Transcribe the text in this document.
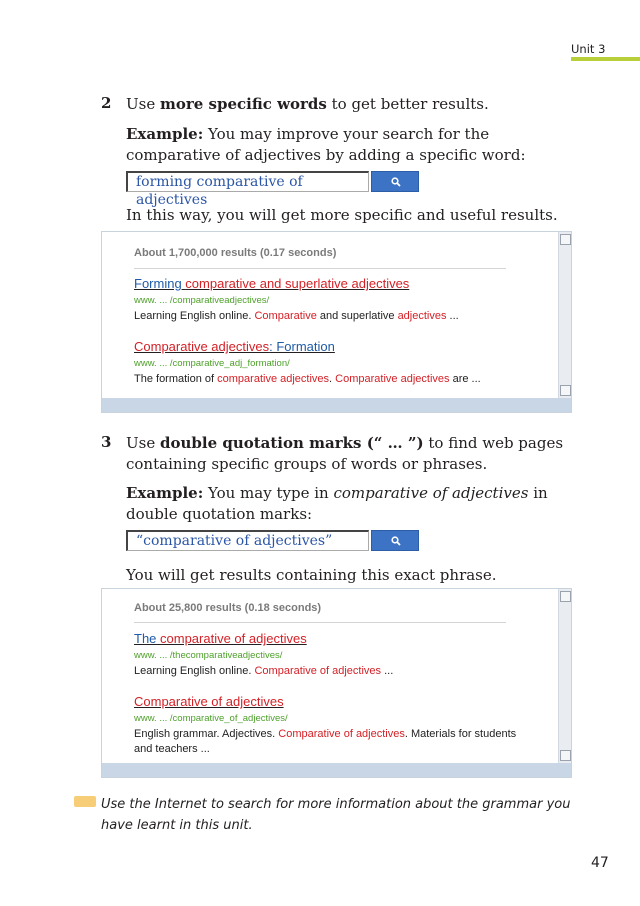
Unit 3
2 Use more specific words to get better results.
Example: You may improve your search for the comparative of adjectives by adding a specific word:
forming comparative of adjectives
In this way, you will get more specific and useful results.
About 1,700,000 results (0.17 seconds)
Forming comparative and superlative adjectives
www. ... /comparativeadjectives/
Learning English online. Comparative and superlative adjectives ...
Comparative adjectives: Formation
www. ... /comparative_adj_formation/
The formation of comparative adjectives. Comparative adjectives are ...
3 Use double quotation marks (“ … ”) to find web pages containing specific groups of words or phrases.
Example: You may type in comparative of adjectives in double quotation marks:
“comparative of adjectives”
You will get results containing this exact phrase.
About 25,800 results (0.18 seconds)
The comparative of adjectives
www. ... /thecomparativeadjectives/
Learning English online. Comparative of adjectives ...
Comparative of adjectives
www. ... /comparative_of_adjectives/
English grammar. Adjectives. Comparative of adjectives. Materials for students and teachers ...
Use the Internet to search for more information about the grammar you have learnt in this unit.
47
